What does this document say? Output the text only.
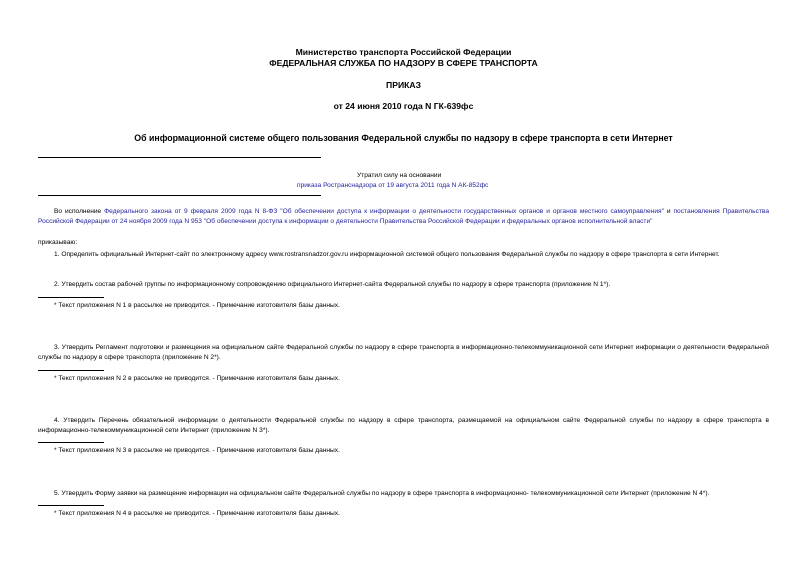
Министерство транспорта Российской Федерации
ФЕДЕРАЛЬНАЯ СЛУЖБА ПО НАДЗОРУ В СФЕРЕ ТРАНСПОРТА
ПРИКАЗ
от 24 июня 2010 года N ГК-639фс
Об информационной системе общего пользования Федеральной службы по надзору в сфере транспорта в сети Интернет
Утратил силу на основании
приказа Ространснадзора от 19 августа 2011 года N АК-852фс
Во исполнение Федерального закона от 9 февраля 2009 года N 8-ФЗ "Об обеспечении доступа к информации о деятельности государственных органов и органов местного самоуправления" и постановления Правительства Российской Федерации от 24 ноября 2009 года N 953 "Об обеспечении доступа к информации о деятельности Правительства Российской Федерации и федеральных органов исполнительной власти"
приказываю:
1. Определить официальный Интернет-сайт по электронному адресу www.rostransnadzor.gov.ru информационной системой общего пользования Федеральной службы по надзору в сфере транспорта в сети Интернет.
2. Утвердить состав рабочей группы по информационному сопровождению официального Интернет-сайта Федеральной службы по надзору в сфере транспорта (приложение N 1*).
* Текст приложения N 1 в рассылке не приводится. - Примечание изготовителя базы данных.
3. Утвердить Регламент подготовки и размещения на официальном сайте Федеральной службы по надзору в сфере транспорта в информационно-телекоммуникационной сети Интернет информации о деятельности Федеральной службы по надзору в сфере транспорта (приложение N 2*).
* Текст приложения N 2 в рассылке не приводится. - Примечание изготовителя базы данных.
4. Утвердить Перечень обязательной информации о деятельности Федеральной службы по надзору в сфере транспорта, размещаемой на официальном сайте Федеральной службы по надзору в сфере транспорта в информационно-телекоммуникационной сети Интернет (приложение N 3*).
* Текст приложения N 3 в рассылке не приводится. - Примечание изготовителя базы данных.
5. Утвердить Форму заявки на размещение информации на официальном сайте Федеральной службы по надзору в сфере транспорта в информационно- телекоммуникационной сети Интернет (приложение N 4*).
* Текст приложения N 4 в рассылке не приводится. - Примечание изготовителя базы данных.
